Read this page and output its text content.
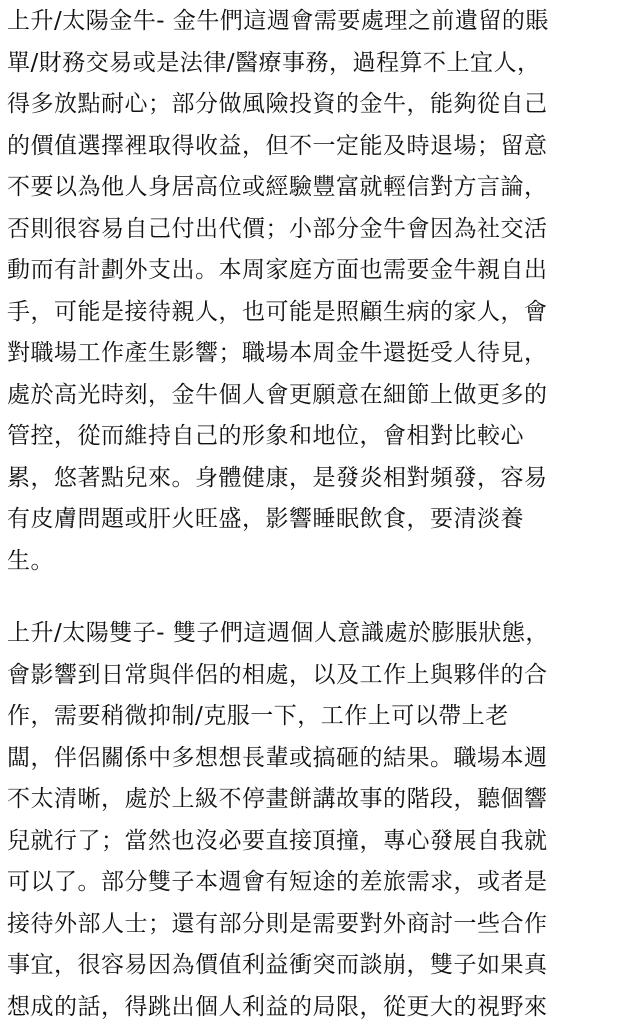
上升/太陽金牛- 金牛們這週會需要處理之前遺留的賬
單/財務交易或是法律/醫療事務，過程算不上宜人，
得多放點耐心；部分做風險投資的金牛，能夠從自己
的價值選擇裡取得收益，但不一定能及時退場；留意
不要以為他人身居高位或經驗豐富就輕信對方言論，
否則很容易自己付出代價；小部分金牛會因為社交活
動而有計劃外支出。本周家庭方面也需要金牛親自出
手，可能是接待親人，也可能是照顧生病的家人，會
對職場工作產生影響；職場本周金牛還挺受人待見，
處於高光時刻，金牛個人會更願意在細節上做更多的
管控，從而維持自己的形象和地位，會相對比較心
累，悠著點兒來。身體健康，是發炎相對頻發，容易
有皮膚問題或肝火旺盛，影響睡眠飲食，要清淡養
生。

上升/太陽雙子- 雙子們這週個人意識處於膨脹狀態，
會影響到日常與伴侶的相處，以及工作上與夥伴的合
作，需要稍微抑制/克服一下，工作上可以帶上老
闆，伴侶關係中多想想長輩或搞砸的結果。職場本週
不太清晰，處於上級不停畫餅講故事的階段，聽個響
兒就行了；當然也沒必要直接頂撞，專心發展自我就
可以了。部分雙子本週會有短途的差旅需求，或者是
接待外部人士；還有部分則是需要對外商討一些合作
事宜，很容易因為價值利益衝突而談崩，雙子如果真
想成的話，得跳出個人利益的局限，從更大的視野來
